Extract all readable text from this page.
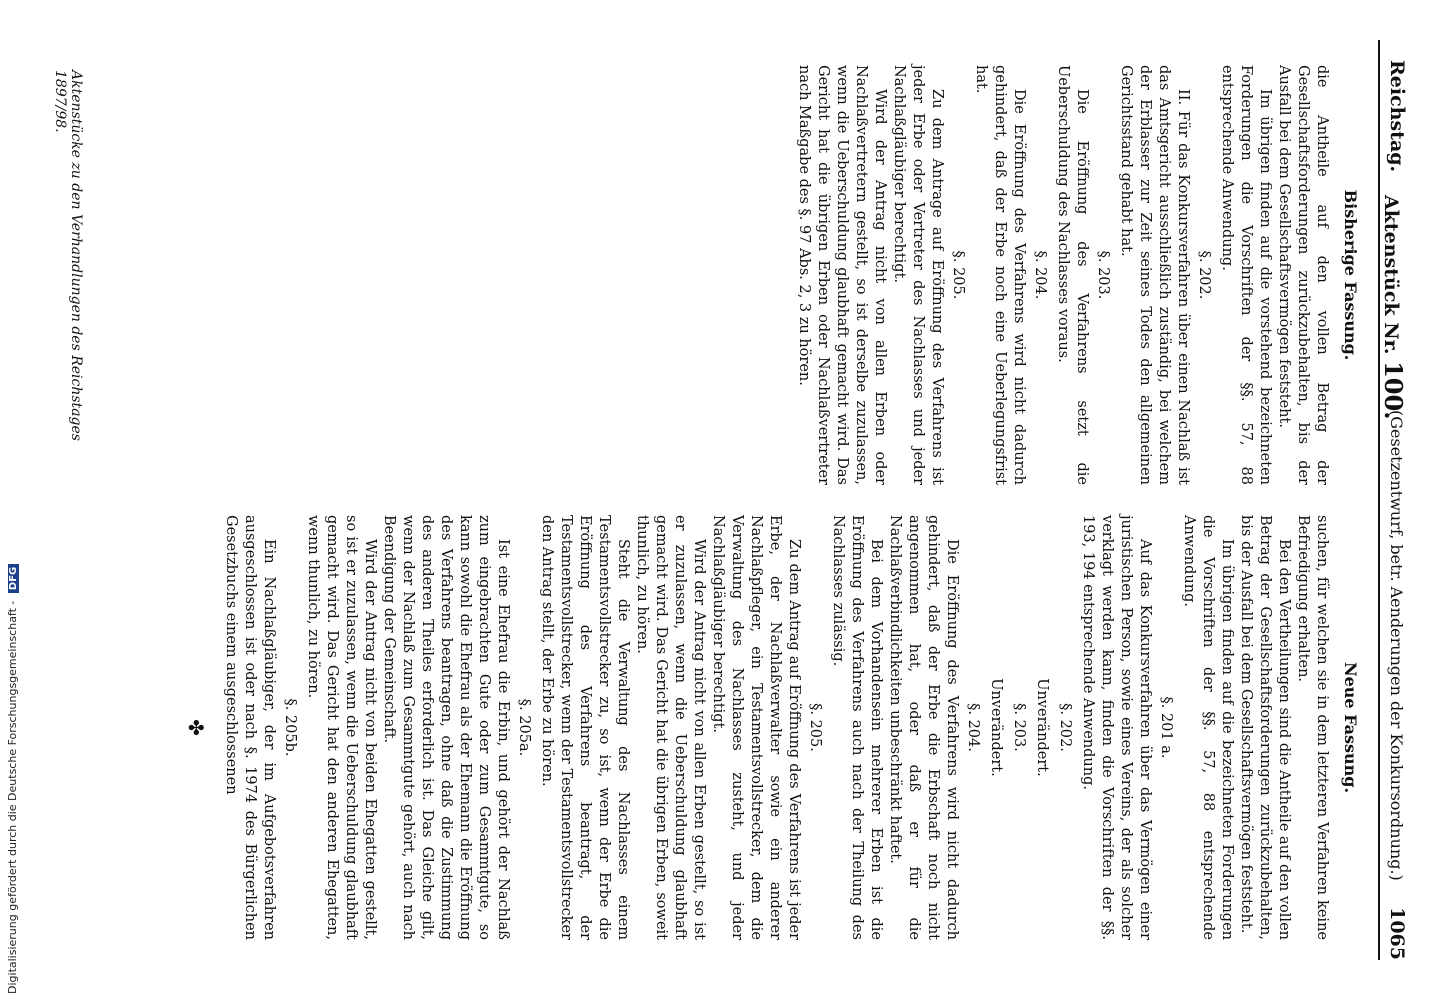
Reichstag.
Aktenstück Nr. 100.
(Gesetzentwurf, betr. Aenderungen der Konkursordnung.)
1065
Bisherige Fassung.

die Antheile auf den vollen Betrag der Gesellschaftsforderungen zurückzubehalten, bis der Ausfall bei dem Gesellschaftsvermögen feststeht.

Im übrigen finden auf die vorstehend bezeichneten Forderungen die Vorschriften der §§. 57, 88 entsprechende Anwendung.

§. 202.

II. Für das Konkursverfahren über einen Nachlaß ist das Amtsgericht ausschließlich zuständig, bei welchem der Erblasser zur Zeit seines Todes den allgemeinen Gerichtsstand gehabt hat.

§. 203.

Die Eröffnung des Verfahrens setzt die Ueberschuldung des Nachlasses voraus.

§. 204.

Die Eröffnung des Verfahrens wird nicht dadurch gehindert, daß der Erbe noch eine Ueberlegungsfrist hat.

§. 205.

Zu dem Antrage auf Eröffnung des Verfahrens ist jeder Erbe oder Vertreter des Nachlasses und jeder Nachlaßgläubiger berechtigt.

Wird der Antrag nicht von allen Erben oder Nachlaßvertretern gestellt, so ist derselbe zuzulassen, wenn die Ueberschuldung glaubhaft gemacht wird. Das Gericht hat die übrigen Erben oder Nachlaßvertreter nach Maßgabe des §. 97 Abs. 2, 3 zu hören.

Neue Fassung.

suchen, für welchen sie in dem letzteren Verfahren keine Befriedigung erhalten.

Bei den Vertheilungen sind die Antheile auf den vollen Betrag der Gesellschaftsforderungen zurückzubehalten, bis der Ausfall bei dem Gesellschaftsvermögen feststeht.

Im übrigen finden auf die bezeichneten Forderungen die Vorschriften der §§. 57, 88 entsprechende Anwendung.

§. 201 a.

Auf das Konkursverfahren über das Vermögen einer juristischen Person, sowie eines Vereins, der als solcher verklagt werden kann, finden die Vorschriften der §§. 193, 194 entsprechende Anwendung.

§. 202.
Unverändert.
§. 203.
Unverändert.
§. 204.

Die Eröffnung des Verfahrens wird nicht dadurch gehindert, daß der Erbe die Erbschaft noch nicht angenommen hat, oder daß er für die Nachlaßverbindlichkeiten unbeschränkt haftet.

Bei dem Vorhandensein mehrerer Erben ist die Eröffnung des Verfahrens auch nach der Theilung des Nachlasses zulässig.

§. 205.

Zu dem Antrag auf Eröffnung des Verfahrens ist jeder Erbe, der Nachlaßverwalter sowie ein anderer Nachlaßpfleger, ein Testamentsvollstrecker, dem die Verwaltung des Nachlasses zusteht, und jeder Nachlaßgläubiger berechtigt.

Wird der Antrag nicht von allen Erben gestellt, so ist er zuzulassen, wenn die Ueberschuldung glaubhaft gemacht wird. Das Gericht hat die übrigen Erben, soweit thunlich, zu hören.

Steht die Verwaltung des Nachlasses einem Testamentsvollstrecker zu, so ist, wenn der Erbe die Eröffnung des Verfahrens beantragt, der Testamentsvollstrecker, wenn der Testamentsvollstrecker den Antrag stellt, der Erbe zu hören.

§. 205a.

Ist eine Ehefrau die Erbin, und gehört der Nachlaß zum eingebrachten Gute oder zum Gesammtgute, so kann sowohl die Ehefrau als der Ehemann die Eröffnung des Verfahrens beantragen, ohne daß die Zustimmung des anderen Theiles erforderlich ist. Das Gleiche gilt, wenn der Nachlaß zum Gesammtgute gehört, auch nach Beendigung der Gemeinschaft.

Wird der Antrag nicht von beiden Ehegatten gestellt, so ist er zuzulassen, wenn die Ueberschuldung glaubhaft gemacht wird. Das Gericht hat den anderen Ehegatten, wenn thunlich, zu hören.

§. 205b.

Ein Nachlaßgläubiger, der im Aufgebotsverfahren ausgeschlossen ist oder nach §. 1974 des Bürgerlichen Gesetzbuchs einem ausgeschlossenen

✤
Aktenstücke zu den Verhandlungen des Reichstages 1897/98.
Digitalisierung gefördert durch die Deutsche Forschungsgemeinschaft - DFG
